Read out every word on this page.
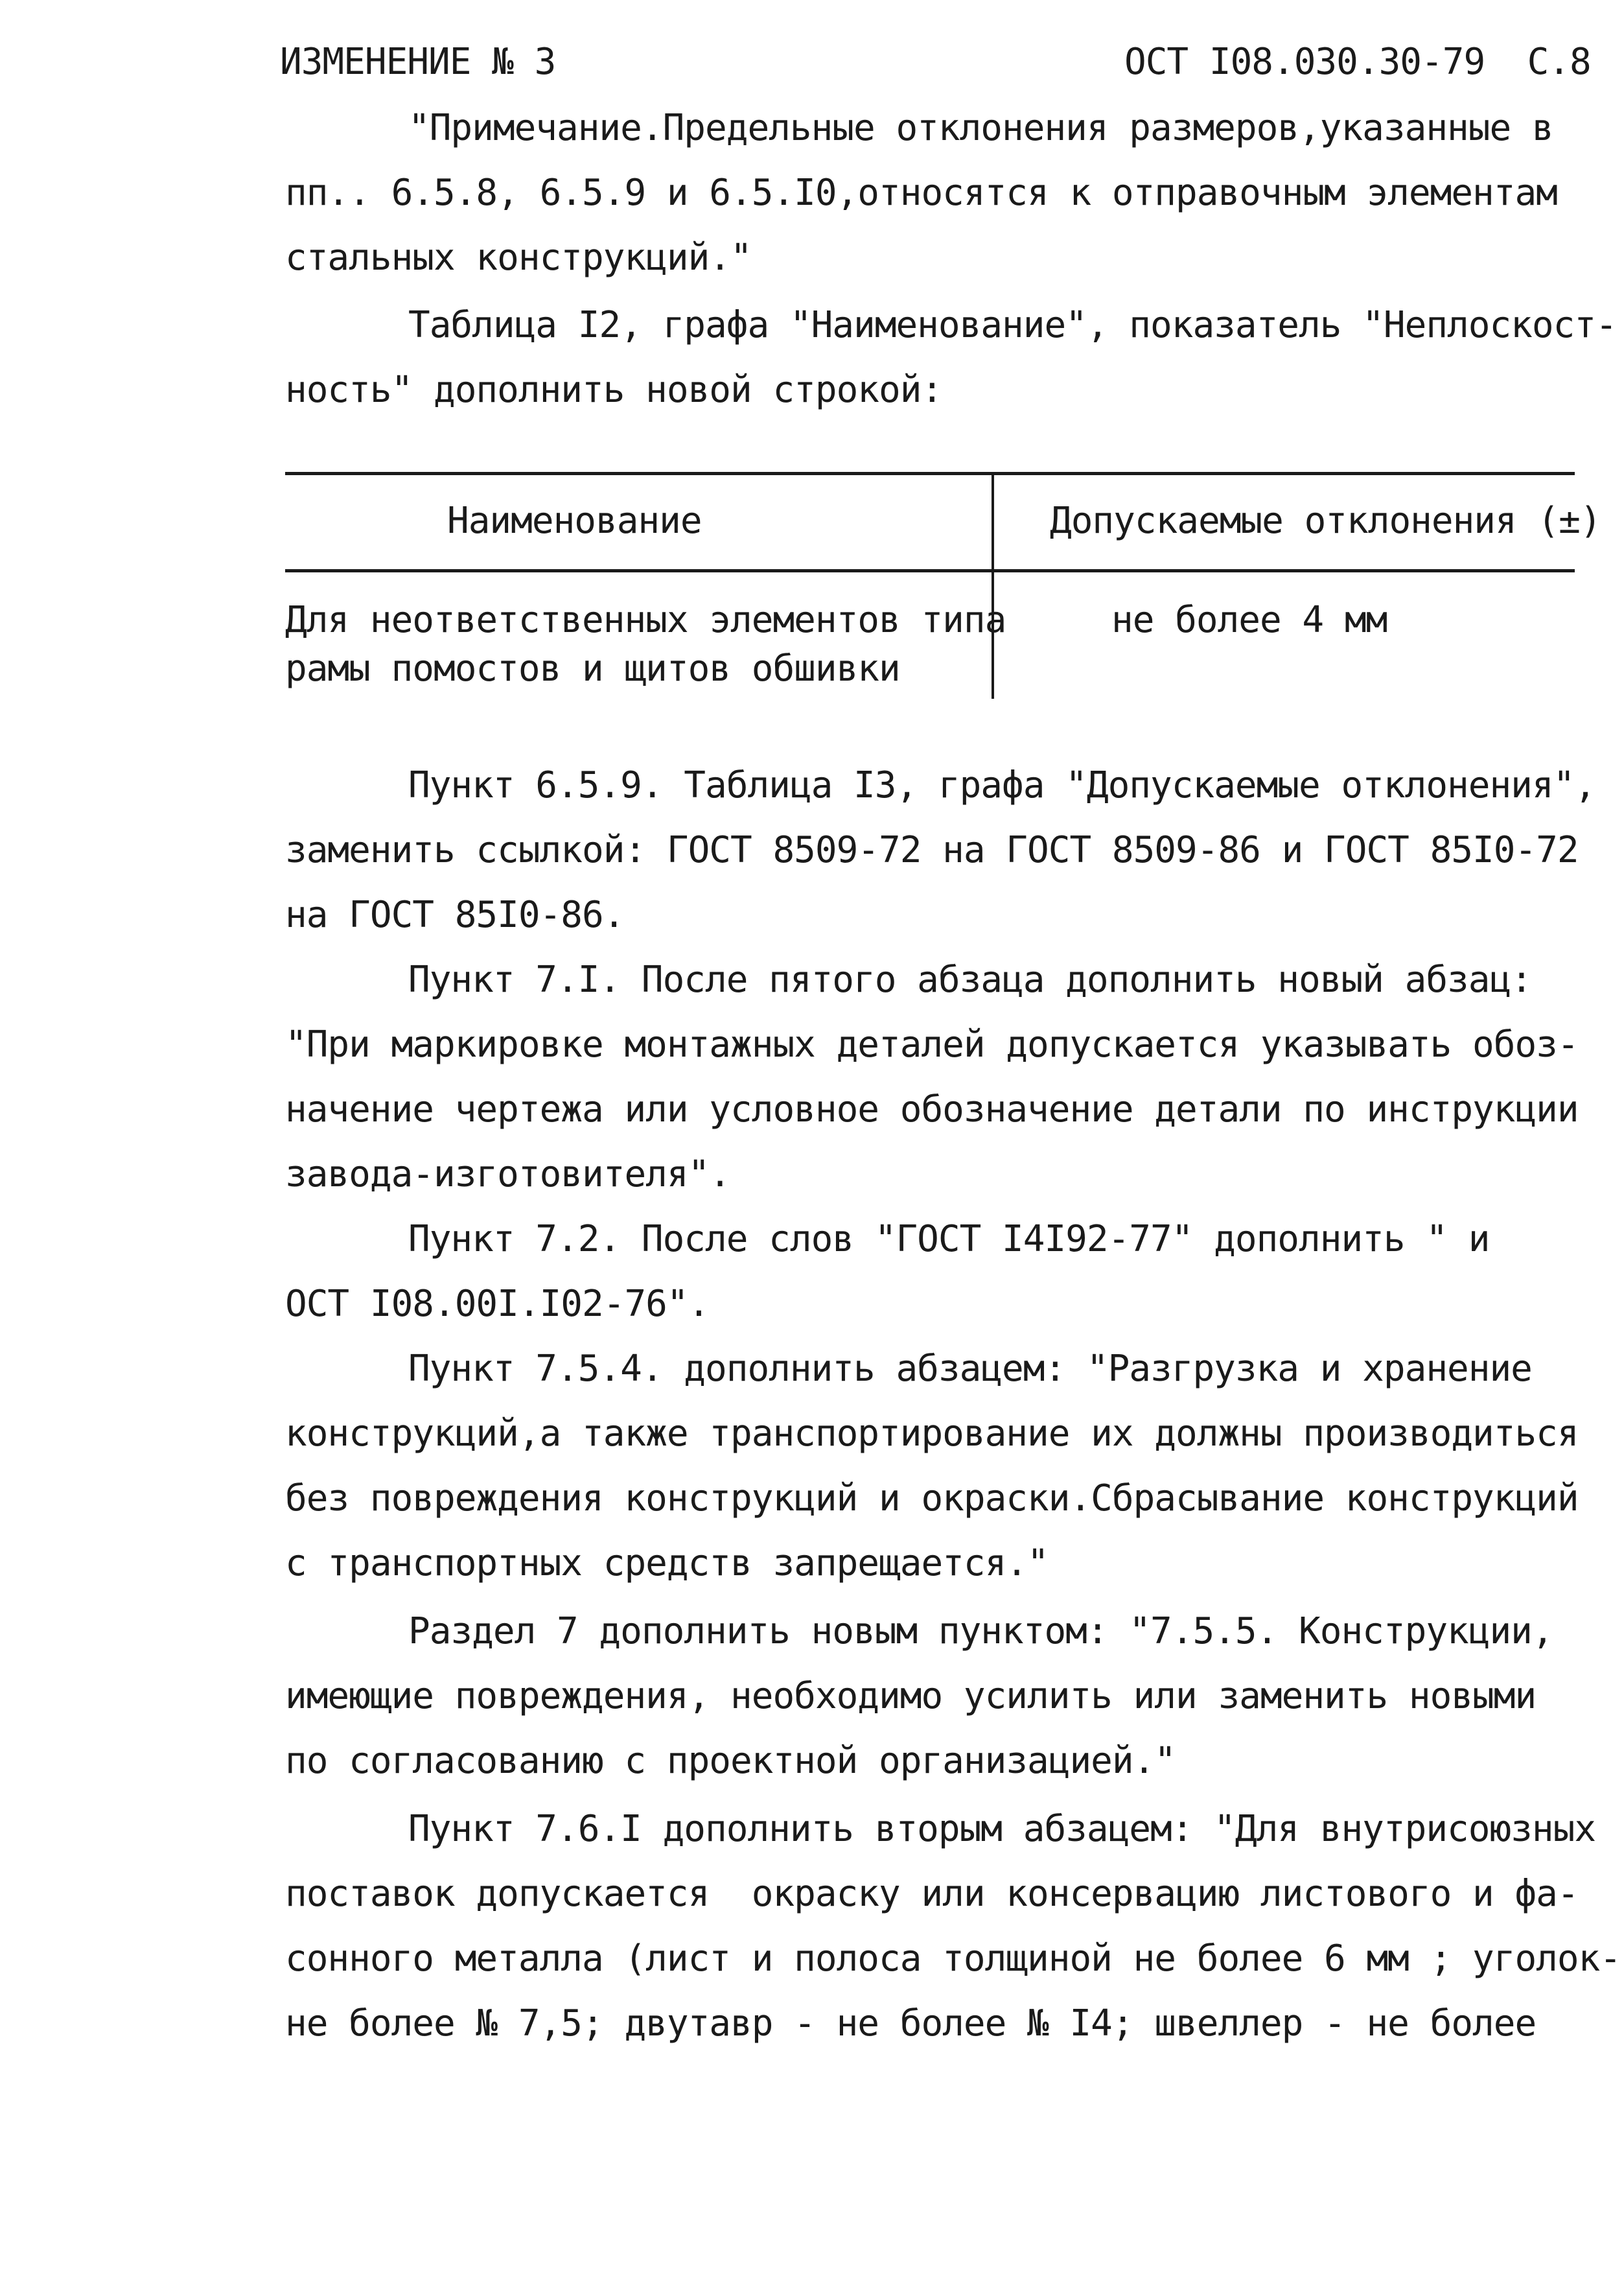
ИЗМЕНЕНИЕ № 3	ОСТ I08.030.30-79 С.8
"Примечание.Предельные отклонения размеров,указанные в
пп.. 6.5.8, 6.5.9 и 6.5.I0,относятся к отправочным элементам
стальных конструкций."
Таблица I2, графа "Наименование", показатель "Неплоскост-
ность" дополнить новой строкой:
Наименование	Допускаемые отклонения (±)
Для неответственных элементов типа
рамы помостов и щитов обшивки
не более 4 мм
Пункт 6.5.9. Таблица I3, графа "Допускаемые отклонения",
заменить ссылкой: ГОСТ 8509-72 на ГОСТ 8509-86 и ГОСТ 85I0-72
на ГОСТ 85I0-86.
Пункт 7.I. После пятого абзаца дополнить новый абзац:
"При маркировке монтажных деталей допускается указывать обоз-
начение чертежа или условное обозначение детали по инструкции
завода-изготовителя".
Пункт 7.2. После слов "ГОСТ I4I92-77" дополнить " и
ОСТ I08.00I.I02-76".
Пункт 7.5.4. дополнить абзацем: "Разгрузка и хранение
конструкций,а также транспортирование их должны производиться
без повреждения конструкций и окраски.Сбрасывание конструкций
с транспортных средств запрещается."
Раздел 7 дополнить новым пунктом: "7.5.5. Конструкции,
имеющие повреждения, необходимо усилить или заменить новыми
по согласованию с проектной организацией."
Пункт 7.6.I дополнить вторым абзацем: "Для внутрисоюзных
поставок допускается  окраску или консервацию листового и фа-
сонного металла (лист и полоса толщиной не более 6 мм ; уголок-
не более № 7,5; двутавр - не более № I4; швеллер - не более
